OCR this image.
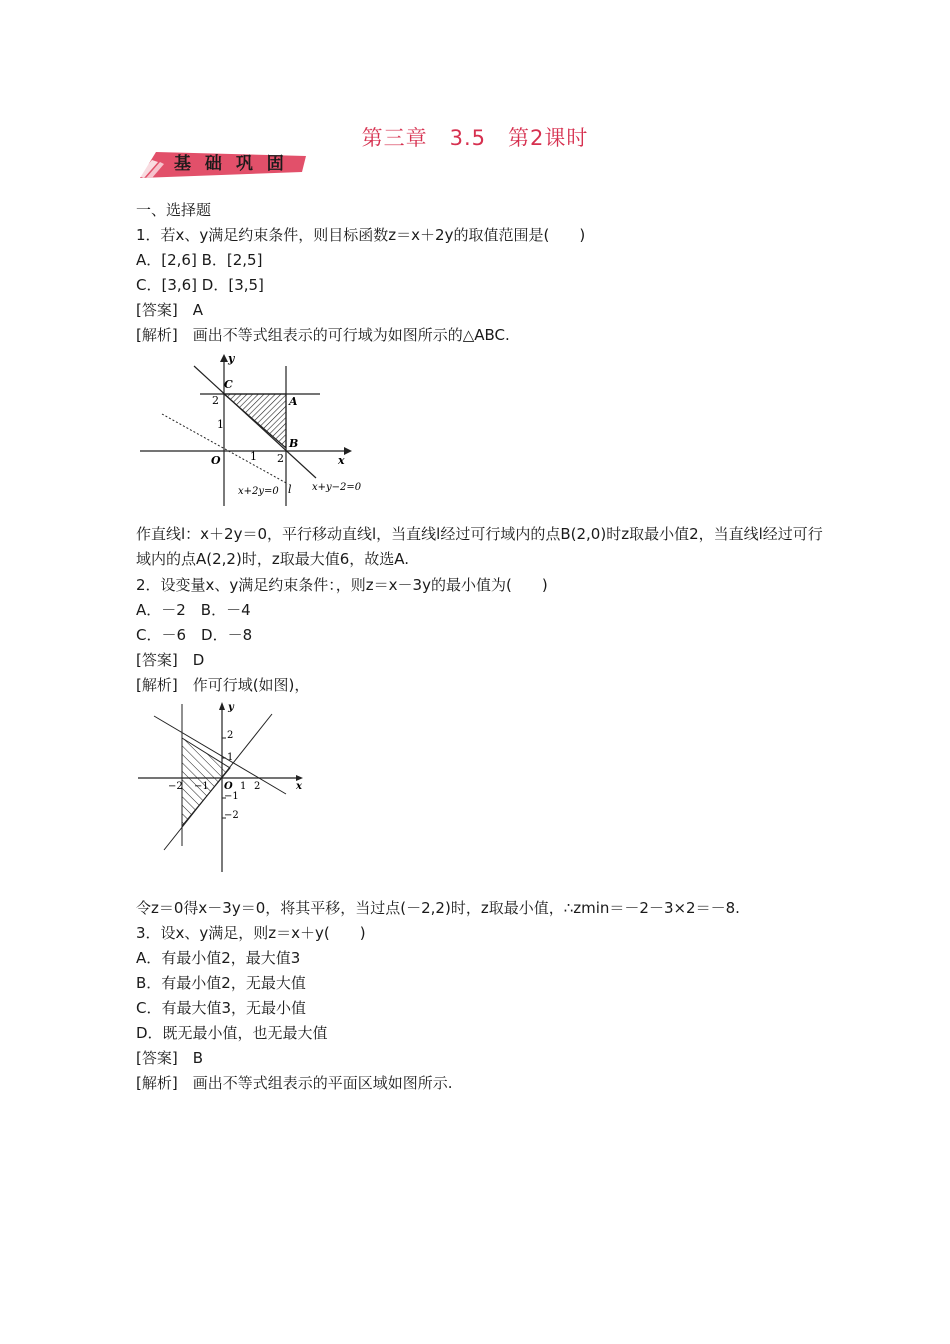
第三章　3.5　第2课时
基 础 巩 固
一、选择题
1．若x、y满足约束条件，则目标函数z＝x＋2y的取值范围是(　　)
A．[2,6] B．[2,5]
C．[3,6] D．[3,5]
[答案]　A
[解析]　画出不等式组表示的可行域为如图所示的△ABC.
1
2
1 2
O	x
y
C
A
B
x+2y=0 l x+y−2=0
作直线l：x＋2y＝0，平行移动直线l，当直线l经过可行域内的点B(2,0)时z取最小值2，当直线l经过可行域内的点A(2,2)时，z取最大值6，故选A.
2．设变量x、y满足约束条件：，则z＝x－3y的最小值为(　　)
A．－2　B．－4
C．－6　D．－8
[答案]　D
[解析]　作可行域(如图)，
2
1
−1
−2
−2 −1	1 2
O	x
y
令z＝0得x－3y＝0，将其平移，当过点(－2,2)时，z取最小值，∴zmin＝－2－3×2＝－8.
3．设x、y满足，则z＝x＋y(　　)
A．有最小值2，最大值3
B．有最小值2，无最大值
C．有最大值3，无最小值
D．既无最小值，也无最大值
[答案]　B
[解析]　画出不等式组表示的平面区域如图所示.
